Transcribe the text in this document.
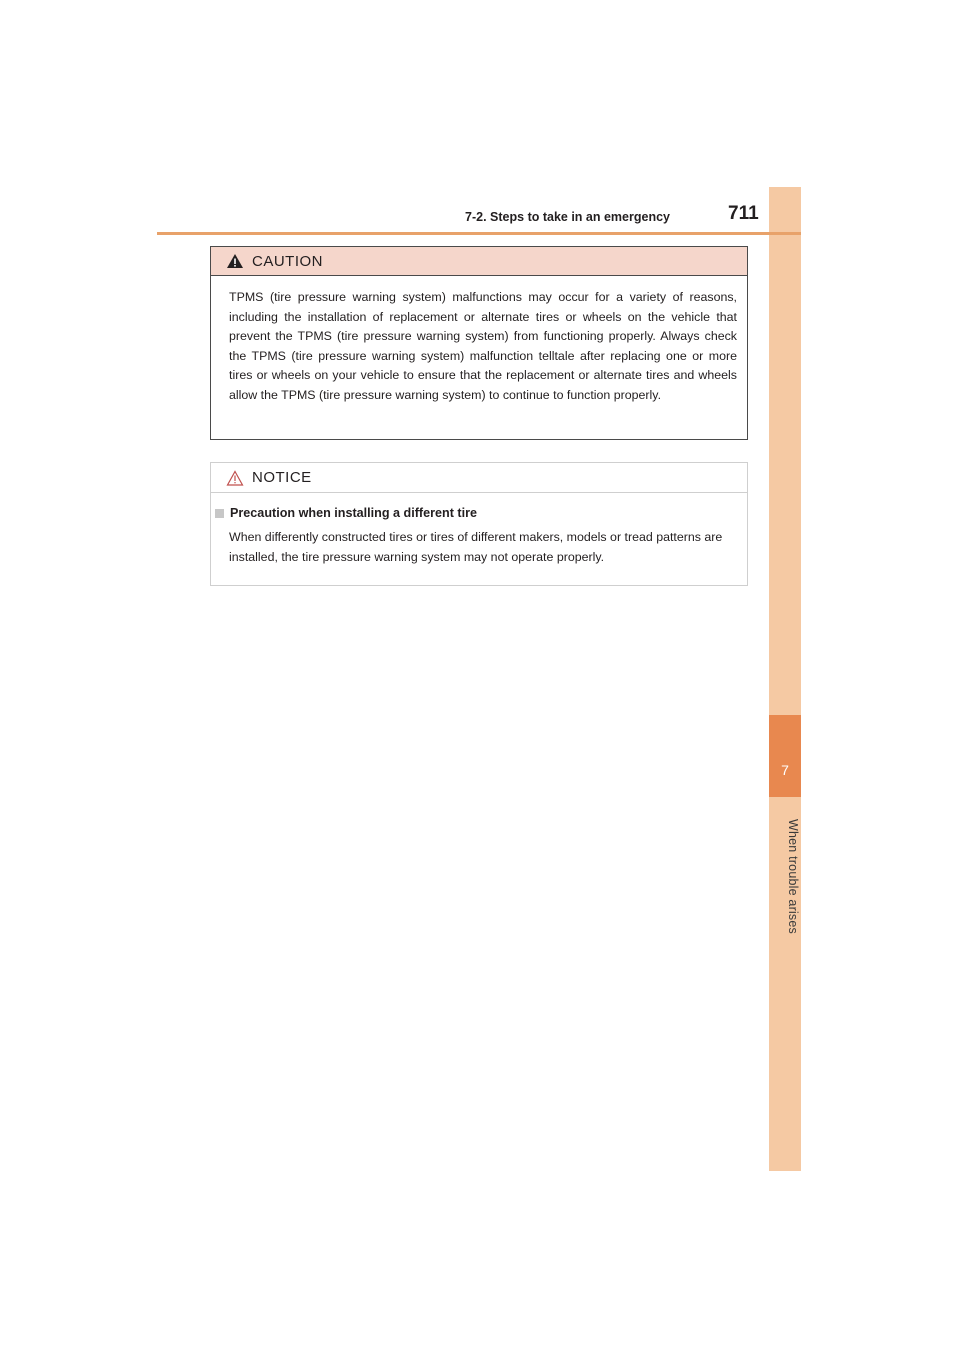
7
When trouble arises
7-2. Steps to take in an emergency	711
CAUTION
TPMS (tire pressure warning system) malfunctions may occur for a variety of reasons, including the installation of replacement or alternate tires or wheels on the vehicle that prevent the TPMS (tire pressure warning system) from functioning properly. Always check the TPMS (tire pressure warning system) malfunction telltale after replacing one or more tires or wheels on your vehicle to ensure that the replacement or alternate tires and wheels allow the TPMS (tire pressure warning system) to continue to function properly.
NOTICE
Precaution when installing a different tire
When differently constructed tires or tires of different makers, models or tread patterns are installed, the tire pressure warning system may not operate properly.
